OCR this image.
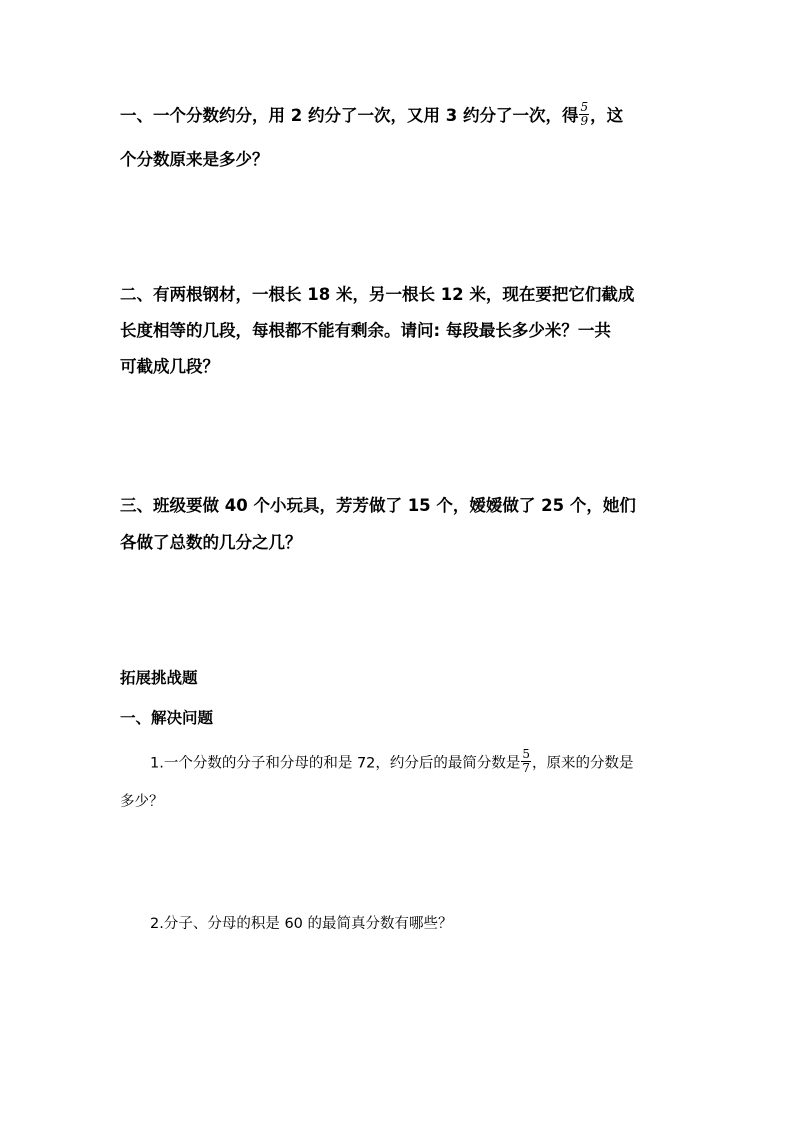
一、一个分数约分，用 2 约分了一次，又用 3 约分了一次，得 $\frac{5}{9}$ ，这
个分数原来是多少？
二、有两根钢材，一根长 18 米，另一根长 12 米，现在要把它们截成
长度相等的几段，每根都不能有剩余。请问: 每段最长多少米？一共
可截成几段？
三、班级要做 40 个小玩具，芳芳做了 15 个，嫒嫒做了 25 个，她们
各做了总数的几分之几？
拓展挑战题
一、解决问题
1.一个分数的分子和分母的和是 72，约分后的最简分数是 $\frac{5}{7}$ ，原来的分数是
多少？
2.分子、分母的积是 60 的最简真分数有哪些？
